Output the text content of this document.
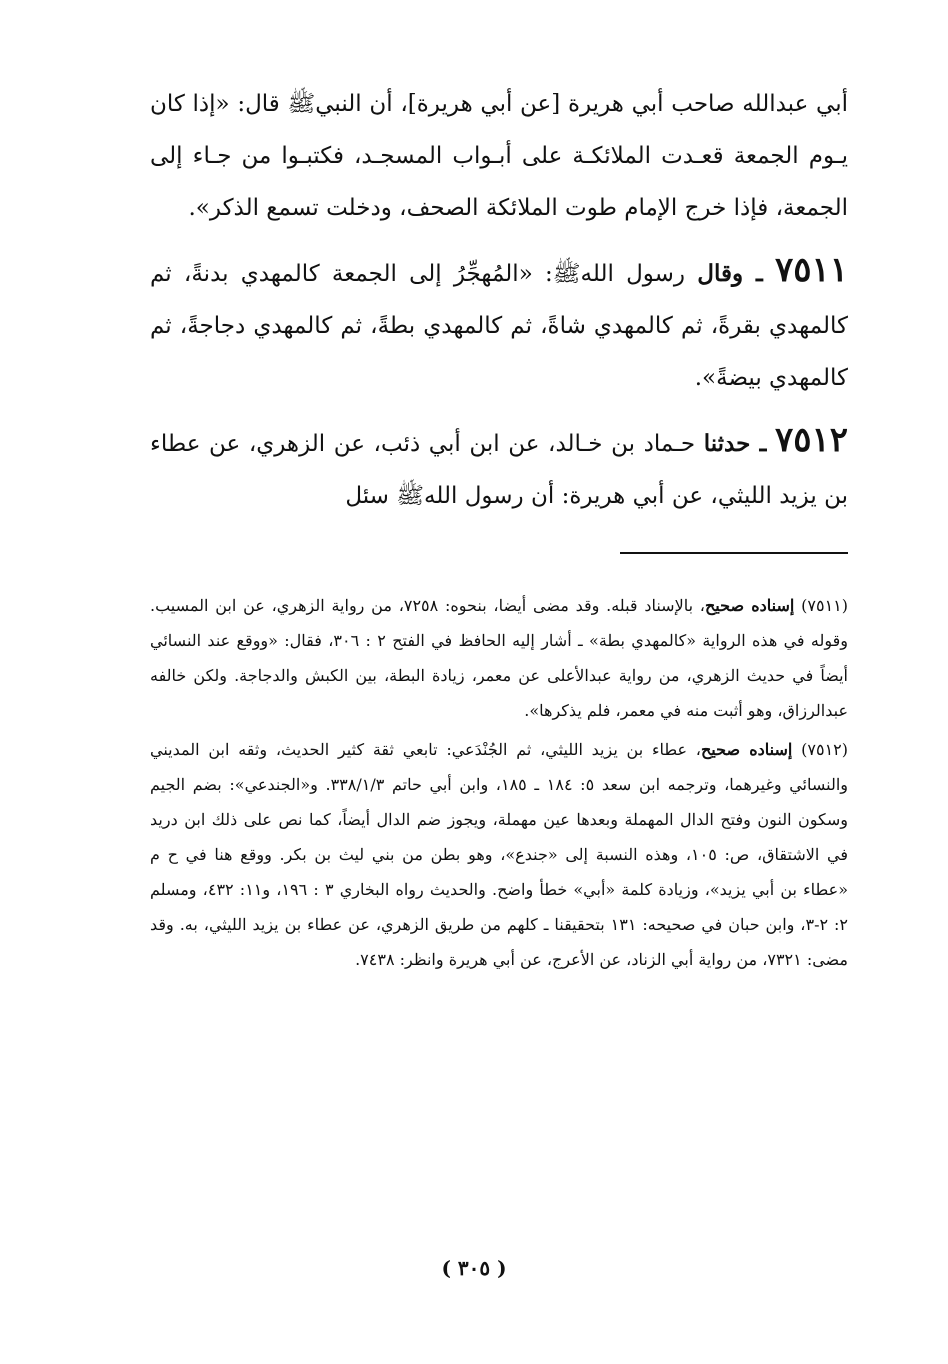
أبي عبدالله صاحب أبي هريرة [عن أبي هريرة]، أن النبيﷺ قال: «إذا كان يـوم الجمعة قعـدت الملائكـة على أبـواب المسجـد، فكتبـوا من جـاء إلى الجمعة، فإذا خرج الإمام طوت الملائكة الصحف، ودخلت تسمع الذكر».

٧٥١١ ـ وقال رسول اللهﷺ: «المُهجِّرُ إلى الجمعة كالمهدي بدنةً، ثم كالمهدي بقرةً، ثم كالمهدي شاةً، ثم كالمهدي بطةً، ثم كالمهدي دجاجةً، ثم كالمهدي بيضةً».

٧٥١٢ ـ حدثنا حـماد بن خـالد، عن ابن أبي ذئب، عن الزهري، عن عطاء بن يزيد الليثي، عن أبي هريرة: أن رسول اللهﷺ سئل

(٧٥١١) إسناده صحيح، بالإسناد قبله. وقد مضى أيضا، بنحوه: ٧٢٥٨، من رواية الزهري، عن ابن المسيب. وقوله في هذه الرواية «كالمهدي بطة» ـ أشار إليه الحافظ في الفتح ٢ : ٣٠٦، فقال: «ووقع عند النسائي أيضاً في حديث الزهري، من رواية عبدالأعلى عن معمر، زيادة البطة، بين الكبش والدجاجة. ولكن خالفه عبدالرزاق، وهو أثبت منه في معمر، فلم يذكرها».

(٧٥١٢) إسناده صحيح، عطاء بن يزيد الليثي، ثم الجُنْدَعي: تابعي ثقة كثير الحديث، وثقه ابن المديني والنسائي وغيرهما، وترجمه ابن سعد ٥: ١٨٤ ـ ١٨٥، وابن أبي حاتم ٣٣٨/١/٣. و«الجندعي»: بضم الجيم وسكون النون وفتح الدال المهملة وبعدها عين مهملة، ويجوز ضم الدال أيضاً، كما نص على ذلك ابن دريد في الاشتقاق، ص: ١٠٥، وهذه النسبة إلى «جندع»، وهو بطن من بني ليث بن بكر. ووقع هنا في ح م «عطاء بن أبي يزيد»، وزيادة كلمة «أبي» خطأ واضح. والحديث رواه البخاري ٣ : ١٩٦، و١١: ٤٣٢، ومسلم ٢: ٢-٣، وابن حبان في صحيحه: ١٣١ بتحقيقنا ـ كلهم من طريق الزهري، عن عطاء بن يزيد الليثي، به. وقد مضى: ٧٣٢١، من رواية أبي الزناد، عن الأعرج، عن أبي هريرة وانظر: ٧٤٣٨.

( ٣٠٥ )
